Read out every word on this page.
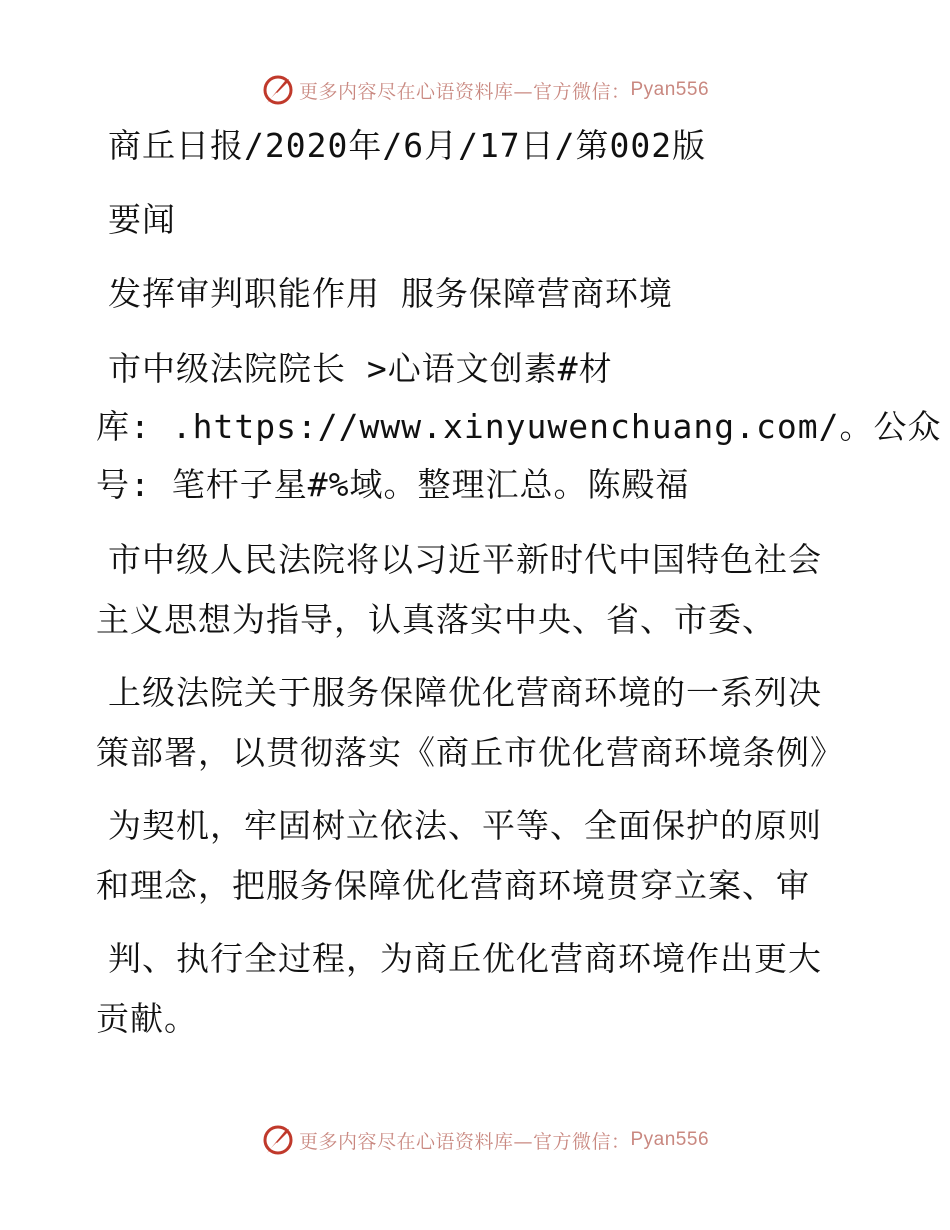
更多内容尽在心语资料库—官方微信： Pyan556
商丘日报/2020年/6月/17日/第002版
要闻
发挥审判职能作用 服务保障营商环境
市中级法院院长 >心语文创素#材
库: .https://www.xinyuwenchuang.com/。公众
号: 笔杆子星#%域。整理汇总。陈殿福
市中级人民法院将以习近平新时代中国特色社会
主义思想为指导，认真落实中央、省、市委、
上级法院关于服务保障优化营商环境的一系列决
策部署，以贯彻落实《商丘市优化营商环境条例》
为契机，牢固树立依法、平等、全面保护的原则
和理念，把服务保障优化营商环境贯穿立案、审
判、执行全过程，为商丘优化营商环境作出更大
贡献。
更多内容尽在心语资料库—官方微信： Pyan556
